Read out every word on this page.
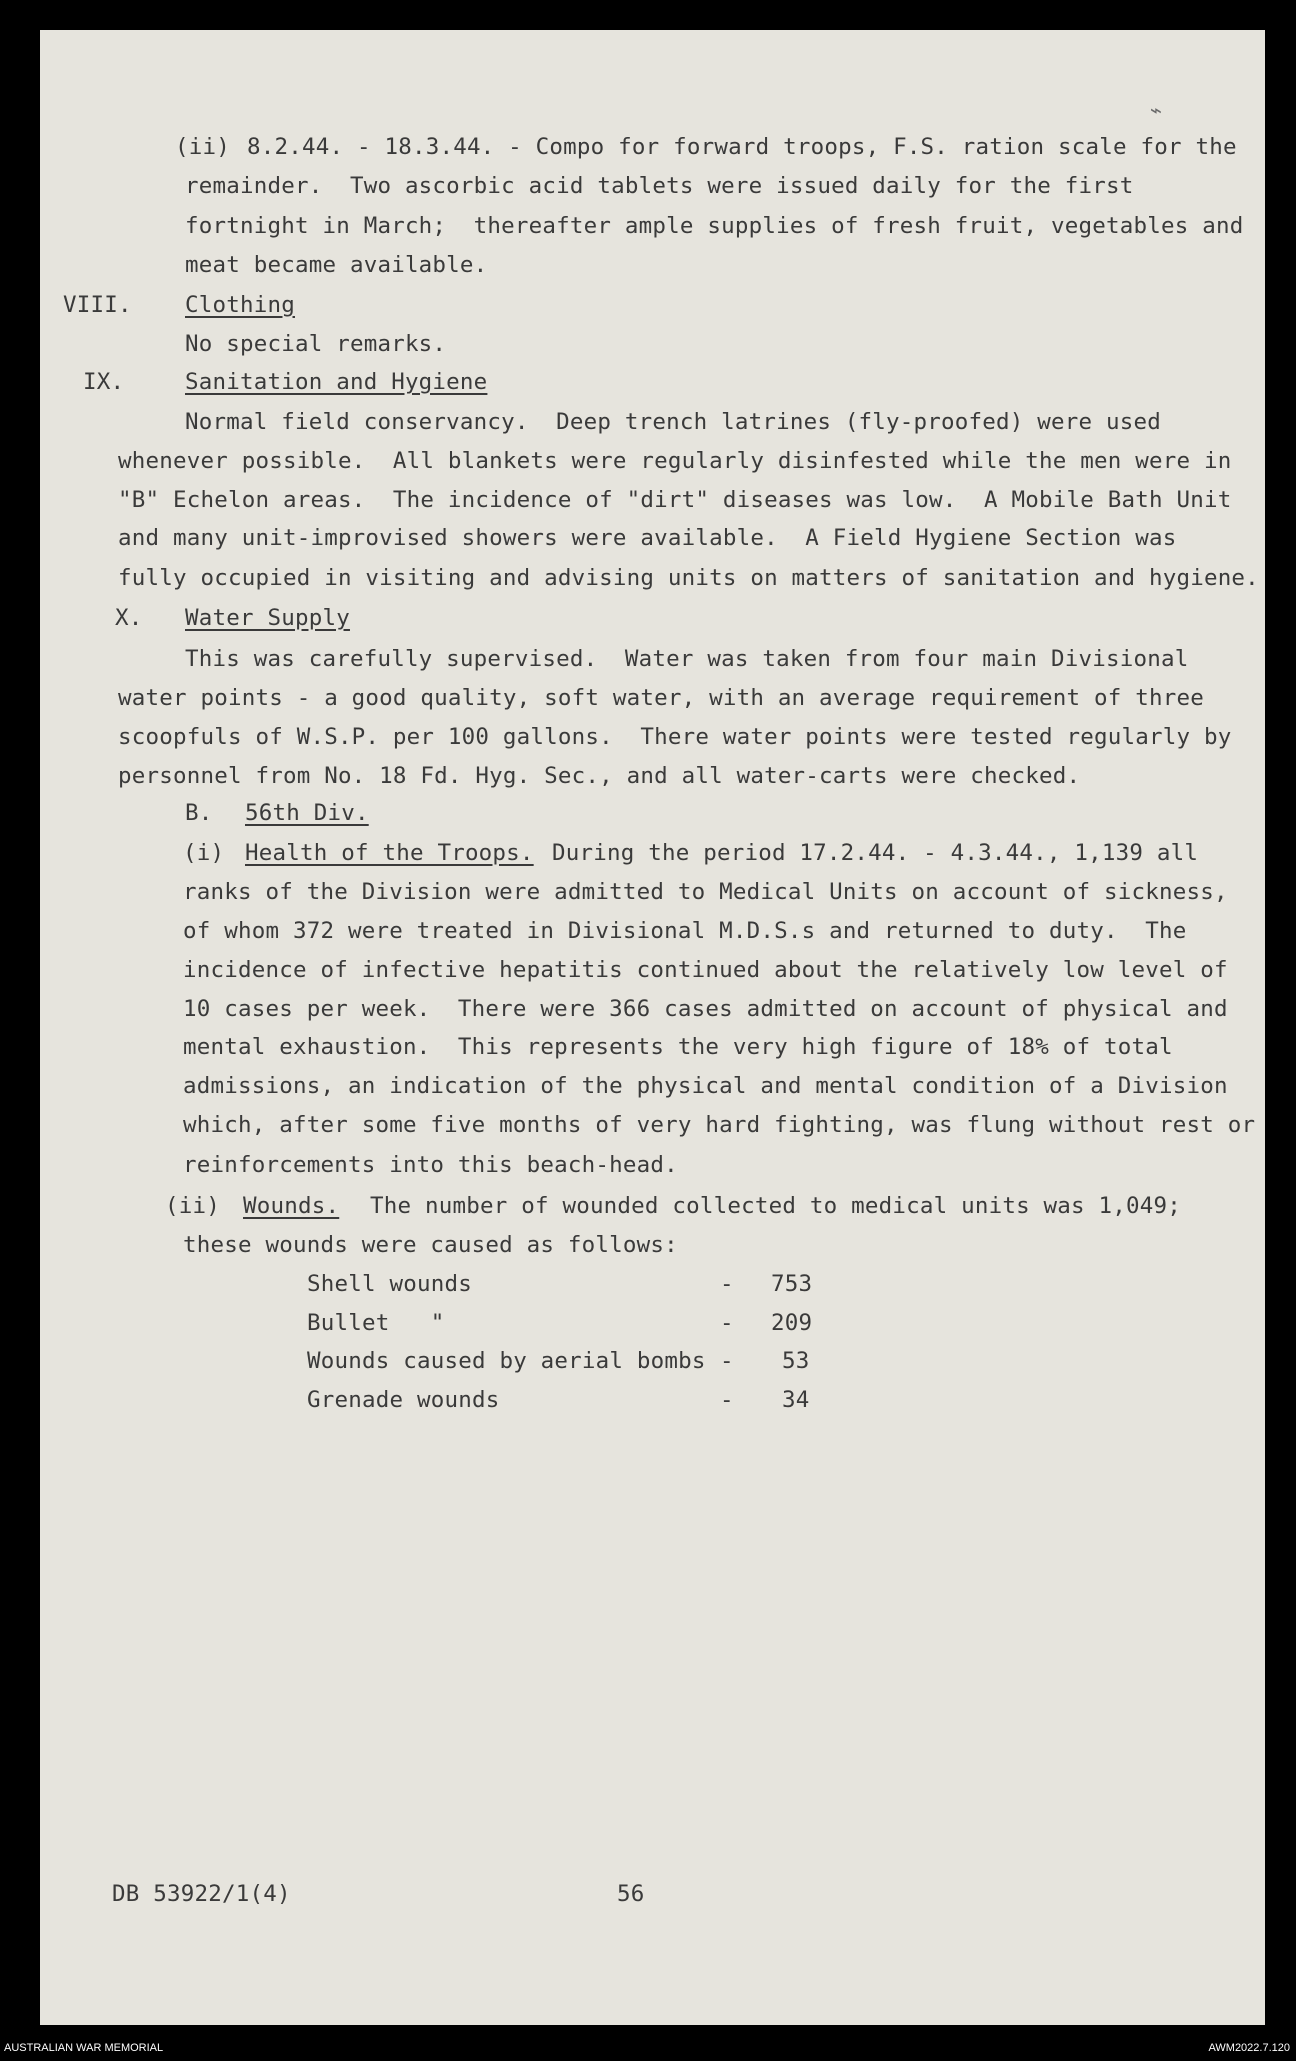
(ii) 8.2.44. - 18.3.44. - Compo for forward troops, F.S. ration scale for the
remainder.  Two ascorbic acid tablets were issued daily for the first
fortnight in March;  thereafter ample supplies of fresh fruit, vegetables and
meat became available.
VIII. Clothing
No special remarks.
IX.	Sanitation and Hygiene
Normal field conservancy.  Deep trench latrines (fly-proofed) were used
whenever possible.  All blankets were regularly disinfested while the men were in
"B" Echelon areas.  The incidence of "dirt" diseases was low.  A Mobile Bath Unit
and many unit-improvised showers were available.  A Field Hygiene Section was
fully occupied in visiting and advising units on matters of sanitation and hygiene.
X. Water Supply
This was carefully supervised.  Water was taken from four main Divisional
water points - a good quality, soft water, with an average requirement of three
scoopfuls of W.S.P. per 100 gallons.  There water points were tested regularly by
personnel from No. 18 Fd. Hyg. Sec., and all water-carts were checked.
B. 56th Div.
(i) Health of the Troops. During the period 17.2.44. - 4.3.44., 1,139 all
ranks of the Division were admitted to Medical Units on account of sickness,
of whom 372 were treated in Divisional M.D.S.s and returned to duty.  The
incidence of infective hepatitis continued about the relatively low level of
10 cases per week.  There were 366 cases admitted on account of physical and
mental exhaustion.  This represents the very high figure of 18% of total
admissions, an indication of the physical and mental condition of a Division
which, after some five months of very hard fighting, was flung without rest or
reinforcements into this beach-head.
(ii) Wounds. The number of wounded collected to medical units was 1,049;
these wounds were caused as follows:
Shell wounds	- 753
Bullet   "	- 209
Wounds caused by aerial bombs - 53
Grenade wounds	- 34
DB 53922/1(4)	56
⌁
AUSTRALIAN WAR MEMORIAL	AWM2022.7.120
